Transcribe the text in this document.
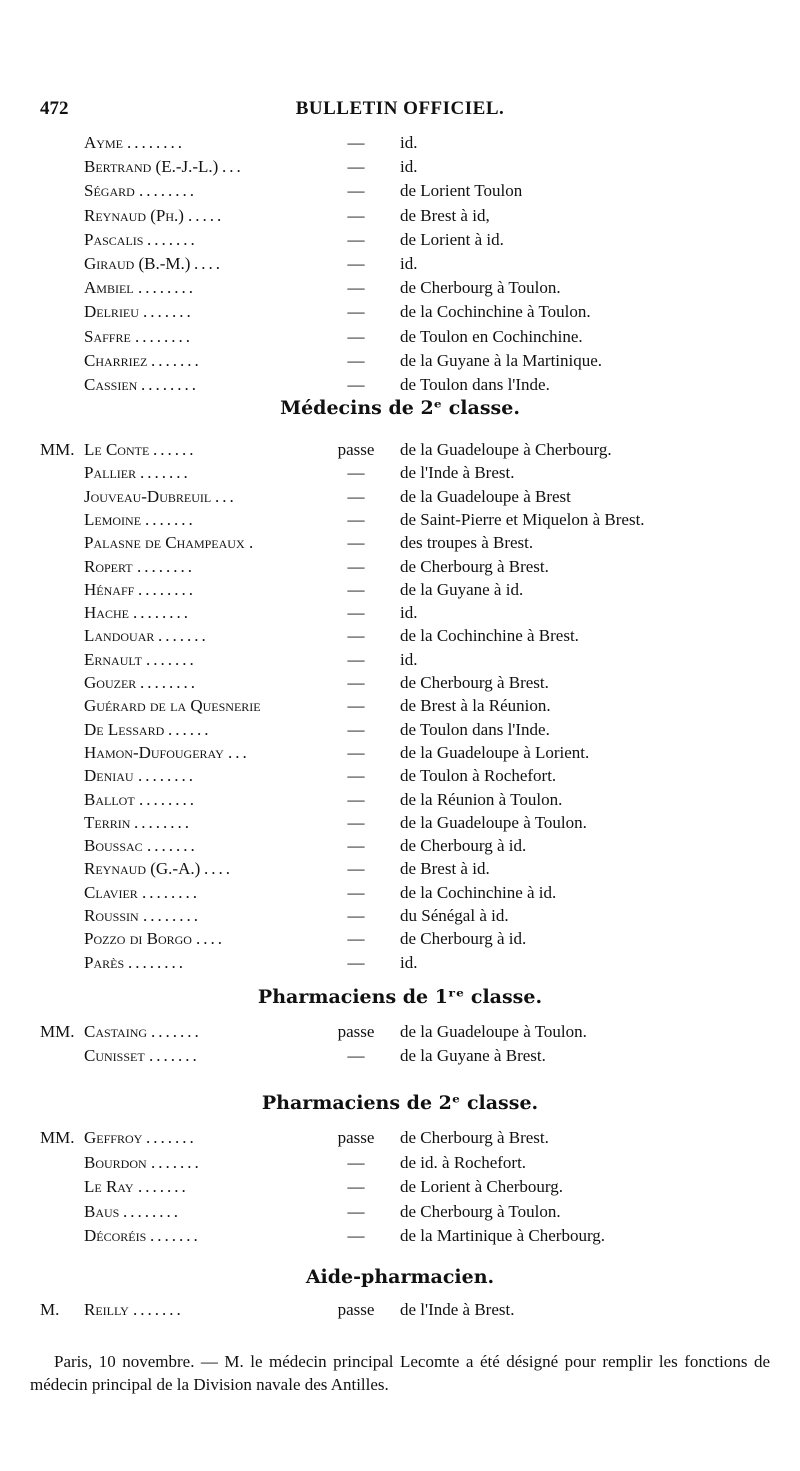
472	BULLETIN OFFICIEL.
Ayme	—	id.
........
Bertrand (E.-J.-L.)	—	id.
...
Ségard	—	de Lorient Toulon
........
Reynaud (Ph.)	—	de Brest à id,
.....
Pascalis	—	de Lorient à id.
.......
Giraud (B.-M.)	—	id.
....
Ambiel	—	de Cherbourg à Toulon.
........
Delrieu	—	de la Cochinchine à Toulon.
.......
Saffre	—	de Toulon en Cochinchine.
........
Charriez	—	de la Guyane à la Martinique.
.......
Cassien	—	de Toulon dans l'Inde.
........
Médecins de 2ᵉ classe.
MM. Le Conte	passe de la Guadeloupe à Cherbourg.
......
Pallier	—	de l'Inde à Brest.
.......
Jouveau-Dubreuil	—	de la Guadeloupe à Brest
...
Lemoine	—	de Saint-Pierre et Miquelon à Brest.
.......
Palasne de Champeaux	—	des troupes à Brest.
.
Ropert	—	de Cherbourg à Brest.
........
Hénaff	—	de la Guyane à id.
........
Hache	—	id.
........
Landouar	—	de la Cochinchine à Brest.
.......
Ernault	—	id.
.......
Gouzer	—	de Cherbourg à Brest.
........
Guérard de la Quesnerie	—	de Brest à la Réunion.
De Lessard	—	de Toulon dans l'Inde.
......
Hamon-Dufougeray	—	de la Guadeloupe à Lorient.
...
Deniau	—	de Toulon à Rochefort.
........
Ballot	—	de la Réunion à Toulon.
........
Terrin	—	de la Guadeloupe à Toulon.
........
Boussac	—	de Cherbourg à id.
.......
Reynaud (G.-A.)	—	de Brest à id.
....
Clavier	—	de la Cochinchine à id.
........
Roussin	—	du Sénégal à id.
........
Pozzo di Borgo	—	de Cherbourg à id.
....
Parès	—	id.
........
Pharmaciens de 1ʳᵉ classe.
MM. Castaing	passe de la Guadeloupe à Toulon.
.......
Cunisset	—	de la Guyane à Brest.
.......
Pharmaciens de 2ᵉ classe.
MM. Geffroy	passe de Cherbourg à Brest.
.......
Bourdon	—	de id. à Rochefort.
.......
Le Ray	—	de Lorient à Cherbourg.
.......
Baus	—	de Cherbourg à Toulon.
........
Décoréis	—	de la Martinique à Cherbourg.
.......
Aide-pharmacien.
M. Reilly	passe de l'Inde à Brest.
.......
Paris, 10 novembre. — M. le médecin principal Lecomte a été désigné pour remplir les fonctions de médecin principal de la Division navale des Antilles.
